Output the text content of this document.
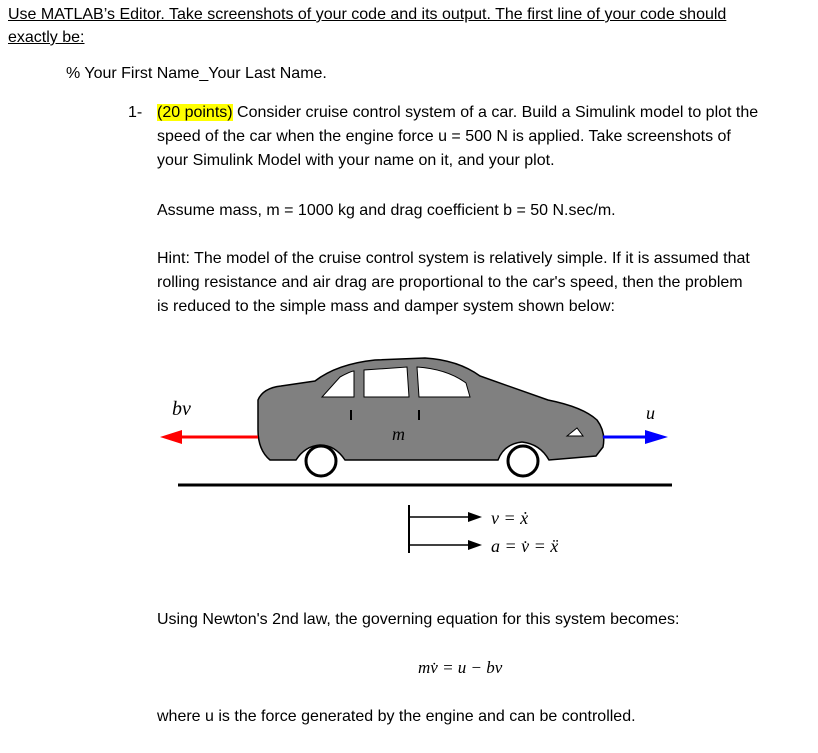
Use MATLAB’s Editor. Take screenshots of your code and its output. The first line of your code should
exactly be:
% Your First Name_Your Last Name.
1- (20 points) Consider cruise control system of a car. Build a Simulink model to plot the
speed of the car when the engine force u = 500 N is applied. Take screenshots of
your Simulink Model with your name on it, and your plot.
Assume mass, m = 1000 kg and drag coefficient b = 50 N.sec/m.
Hint: The model of the cruise control system is relatively simple. If it is assumed that
rolling resistance and air drag are proportional to the car's speed, then the problem
is reduced to the simple mass and damper system shown below:
bv	u
m
v = ẋ
a = v̇ = ẍ
Using Newton's 2nd law, the governing equation for this system becomes:
mv̇ = u − bv
where u is the force generated by the engine and can be controlled.
